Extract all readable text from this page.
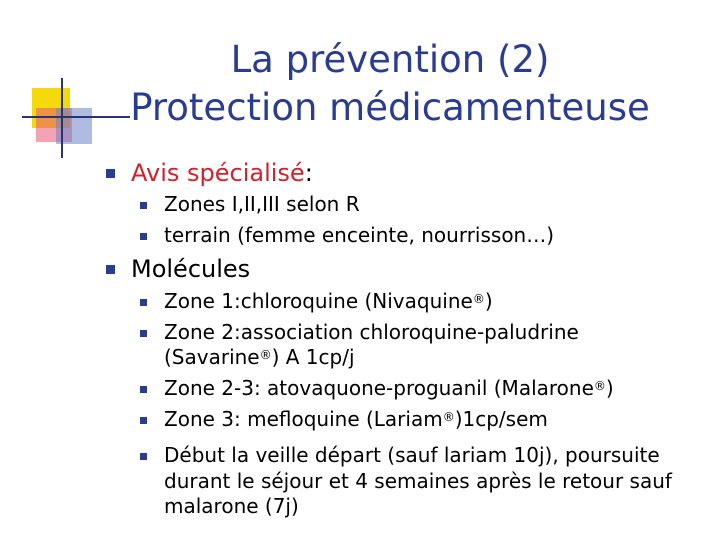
La prévention (2)
Protection médicamenteuse
Avis spécialisé:
Zones I,II,III selon R
terrain (femme enceinte, nourrisson…)
Molécules
Zone 1:chloroquine (Nivaquine®)
Zone 2:association chloroquine-paludrine
(Savarine®) A 1cp/j
Zone 2-3: atovaquone-proguanil (Malarone®)
Zone 3: mefloquine (Lariam®)1cp/sem
Début la veille départ (sauf lariam 10j), poursuite
durant le séjour et 4 semaines après le retour sauf
malarone (7j)
